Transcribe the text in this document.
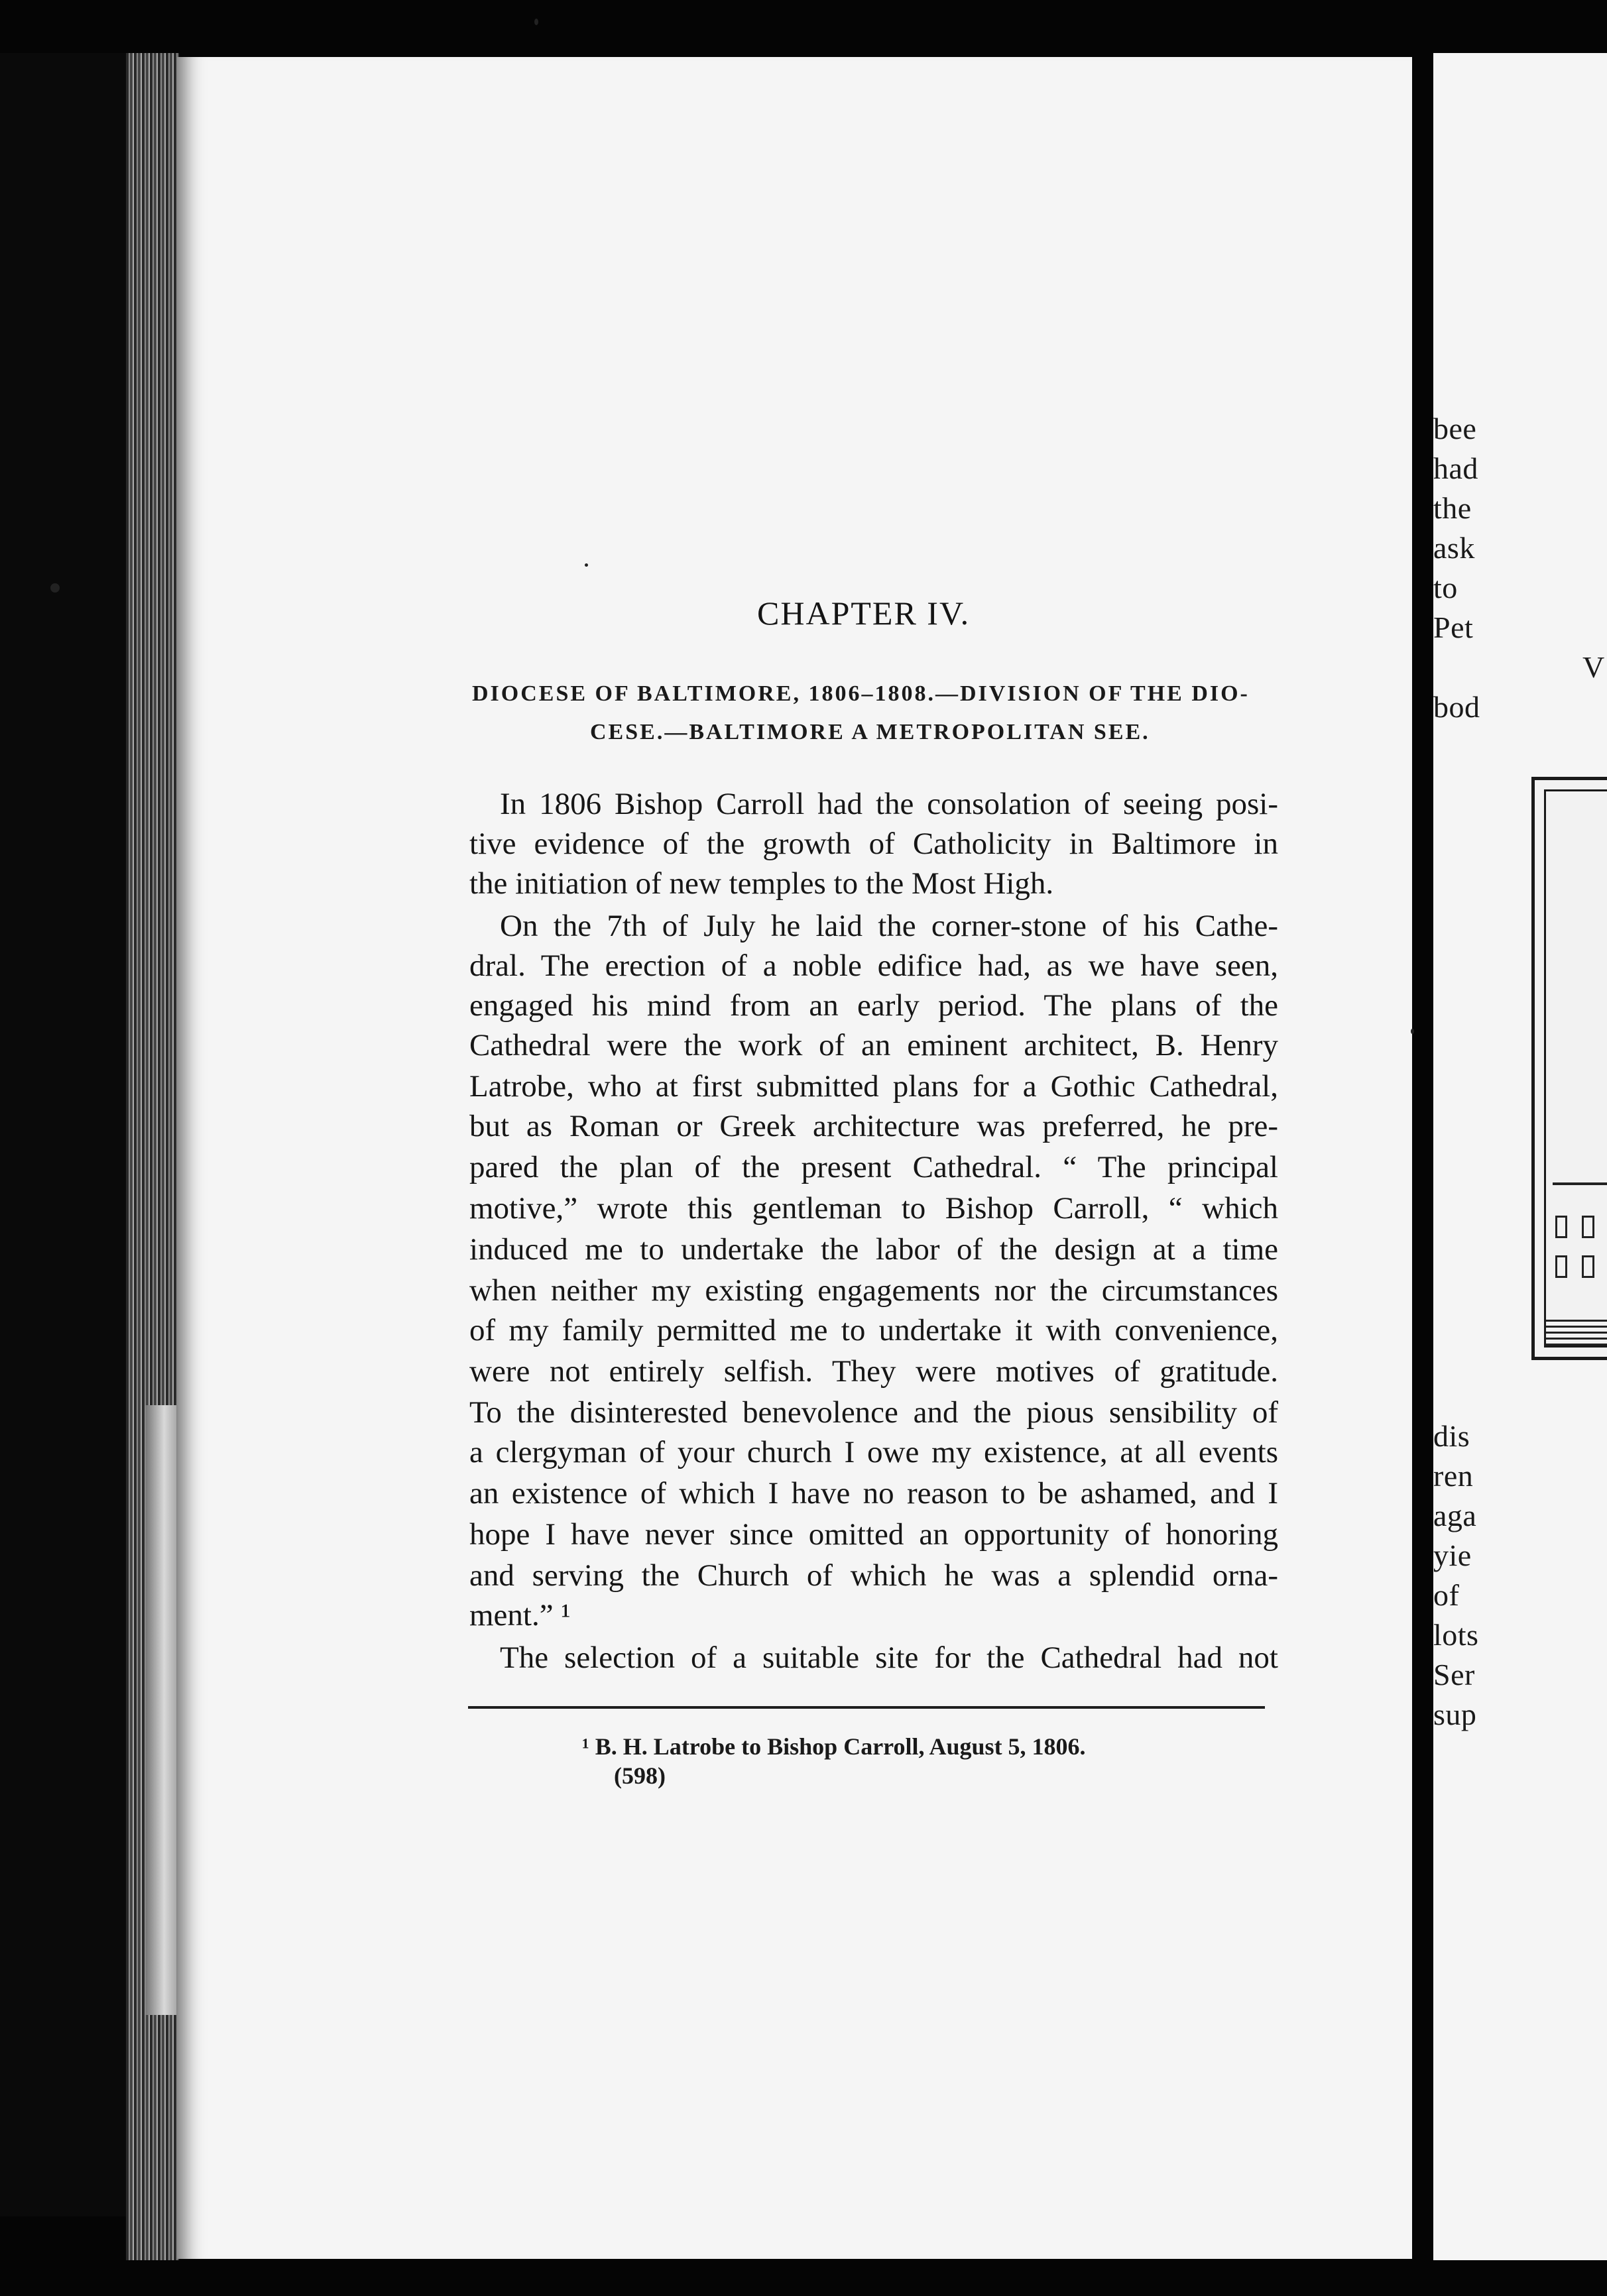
bee
had
the
ask
to
Pet
V
bod
dis
ren
aga
yie
of
lots
Ser
sup
CHAPTER IV.
DIOCESE OF BALTIMORE, 1806–1808.—DIVISION OF THE DIO-
CESE.—BALTIMORE A METROPOLITAN SEE.
In 1806 Bishop Carroll had the consolation of seeing posi-
tive evidence of the growth of Catholicity in Baltimore in
the initiation of new temples to the Most High.
On the 7th of July he laid the corner-stone of his Cathe-
dral. The erection of a noble edifice had, as we have seen,
engaged his mind from an early period. The plans of the
Cathedral were the work of an eminent architect, B. Henry
Latrobe, who at first submitted plans for a Gothic Cathedral,
but as Roman or Greek architecture was preferred, he pre-
pared the plan of the present Cathedral. “ The principal
motive,” wrote this gentleman to Bishop Carroll, “ which
induced me to undertake the labor of the design at a time
when neither my existing engagements nor the circumstances
of my family permitted me to undertake it with convenience,
were not entirely selfish. They were motives of gratitude.
To the disinterested benevolence and the pious sensibility of
a clergyman of your church I owe my existence, at all events
an existence of which I have no reason to be ashamed, and I
hope I have never since omitted an opportunity of honoring
and serving the Church of which he was a splendid orna-
ment.” ¹
The selection of a suitable site for the Cathedral had not
¹ B. H. Latrobe to Bishop Carroll, August 5, 1806.
(598)
